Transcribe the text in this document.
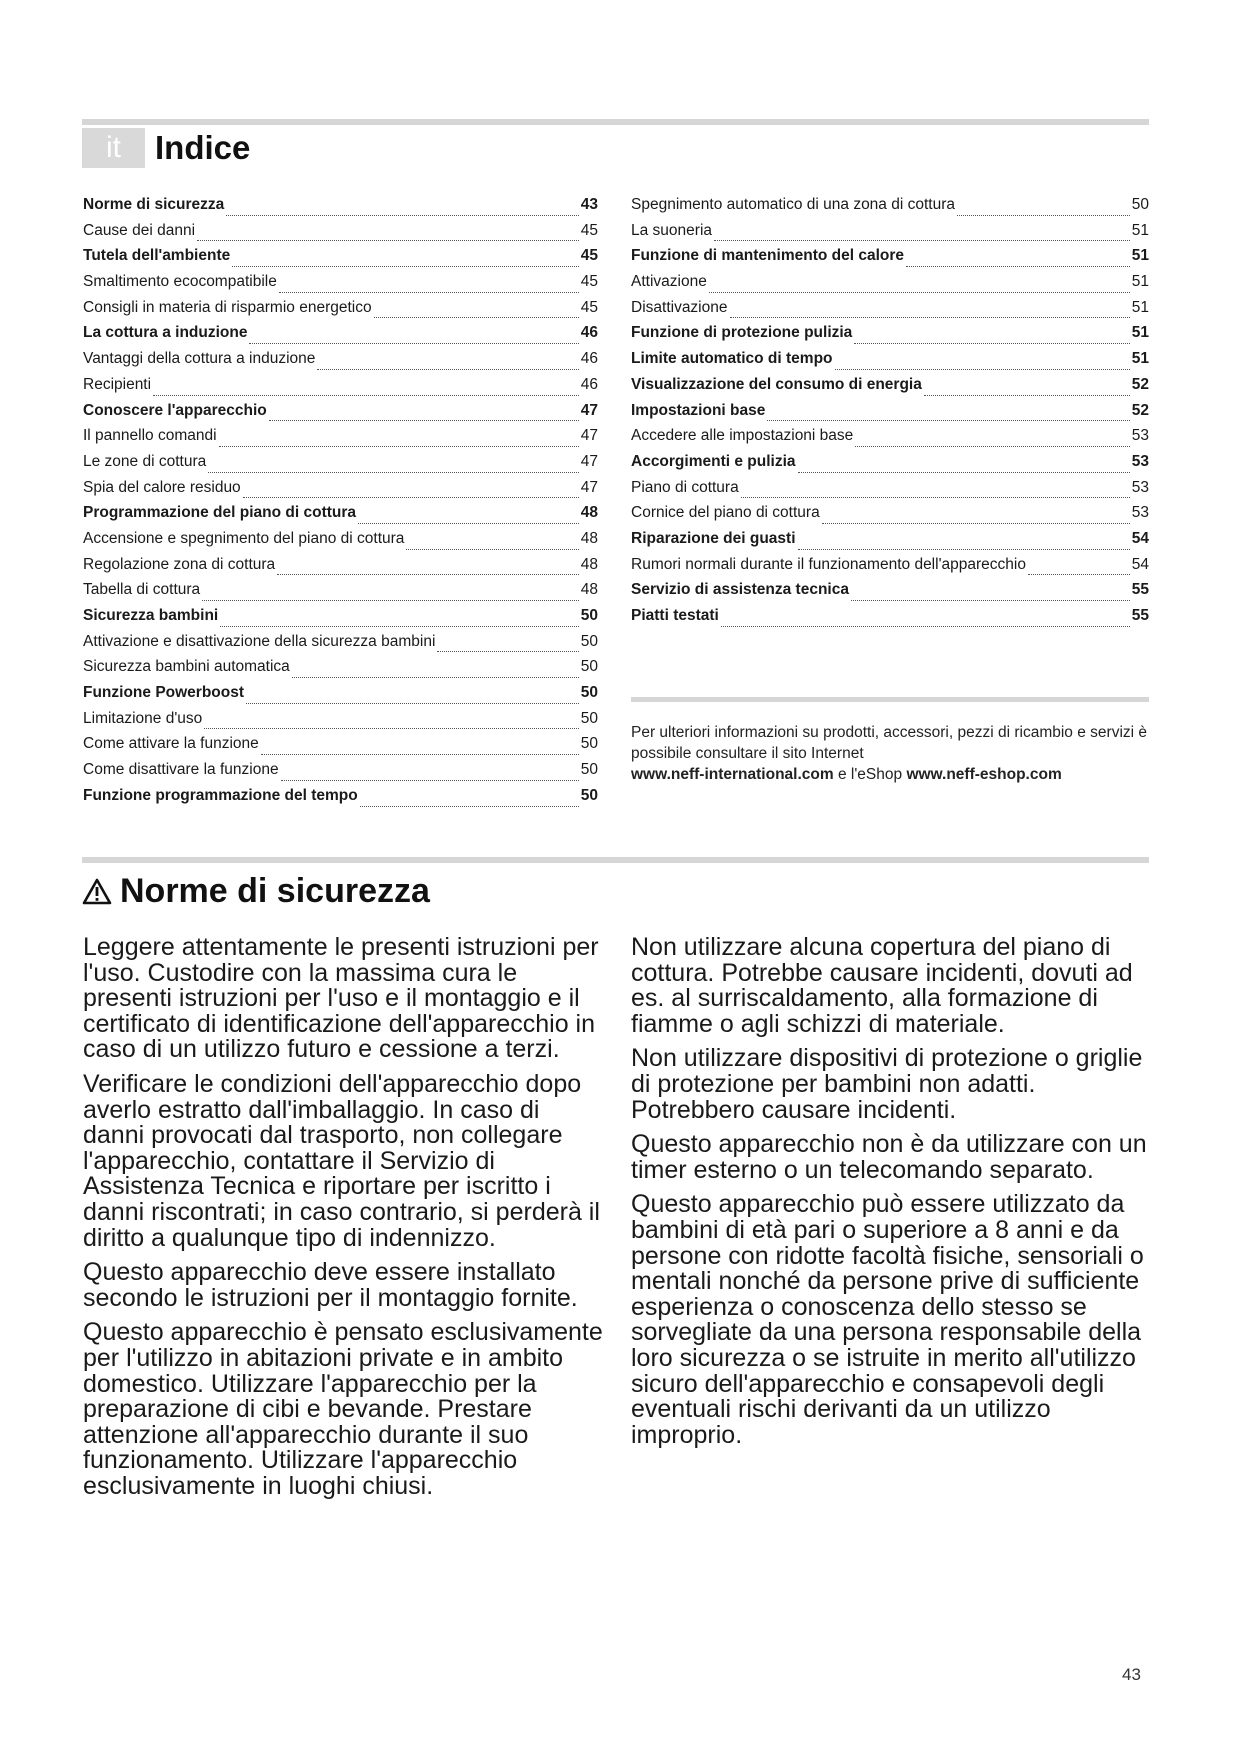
it	Indice
Norme di sicurezza	43
Cause dei danni	45
Tutela dell'ambiente	45
Smaltimento ecocompatibile	45
Consigli in materia di risparmio energetico	45
La cottura a induzione	46
Vantaggi della cottura a induzione	46
Recipienti	46
Conoscere l'apparecchio	47
Il pannello comandi	47
Le zone di cottura	47
Spia del calore residuo	47
Programmazione del piano di cottura	48
Accensione e spegnimento del piano di cottura	48
Regolazione zona di cottura	48
Tabella di cottura	48
Sicurezza bambini	50
Attivazione e disattivazione della sicurezza bambini	50
Sicurezza bambini automatica	50
Funzione Powerboost	50
Limitazione d'uso	50
Come attivare la funzione	50
Come disattivare la funzione	50
Funzione programmazione del tempo	50
Spegnimento automatico di una zona di cottura	50
La suoneria	51
Funzione di mantenimento del calore	51
Attivazione	51
Disattivazione	51
Funzione di protezione pulizia	51
Limite automatico di tempo	51
Visualizzazione del consumo di energia	52
Impostazioni base	52
Accedere alle impostazioni base	53
Accorgimenti e pulizia	53
Piano di cottura	53
Cornice del piano di cottura	53
Riparazione dei guasti	54
Rumori normali durante il funzionamento dell'apparecchio	54
Servizio di assistenza tecnica	55
Piatti testati	55
Per ulteriori informazioni su prodotti, accessori, pezzi di ricambio e servizi è possibile consultare il sito Internet
www.neff-international.com e l'eShop www.neff-eshop.com
Norme di sicurezza

Leggere attentamente le presenti istruzioni per l'uso. Custodire con la massima cura le presenti istruzioni per l'uso e il montaggio e il certificato di identificazione dell'apparecchio in caso di un utilizzo futuro e cessione a terzi.

Verificare le condizioni dell'apparecchio dopo averlo estratto dall'imballaggio. In caso di danni provocati dal trasporto, non collegare l'apparecchio, contattare il Servizio di Assistenza Tecnica e riportare per iscritto i danni riscontrati; in caso contrario, si perderà il diritto a qualunque tipo di indennizzo.

Questo apparecchio deve essere installato secondo le istruzioni per il montaggio fornite.

Questo apparecchio è pensato esclusivamente per l'utilizzo in abitazioni private e in ambito domestico. Utilizzare l'apparecchio per la preparazione di cibi e bevande. Prestare attenzione all'apparecchio durante il suo funzionamento. Utilizzare l'apparecchio esclusivamente in luoghi chiusi.

Non utilizzare alcuna copertura del piano di cottura. Potrebbe causare incidenti, dovuti ad es. al surriscaldamento, alla formazione di fiamme o agli schizzi di materiale.

Non utilizzare dispositivi di protezione o griglie di protezione per bambini non adatti. Potrebbero causare incidenti.

Questo apparecchio non è da utilizzare con un timer esterno o un telecomando separato.

Questo apparecchio può essere utilizzato da bambini di età pari o superiore a 8 anni e da persone con ridotte facoltà fisiche, sensoriali o mentali nonché da persone prive di sufficiente esperienza o conoscenza dello stesso se sorvegliate da una persona responsabile della loro sicurezza o se istruite in merito all'utilizzo sicuro dell'apparecchio e consapevoli degli eventuali rischi derivanti da un utilizzo improprio.

43
